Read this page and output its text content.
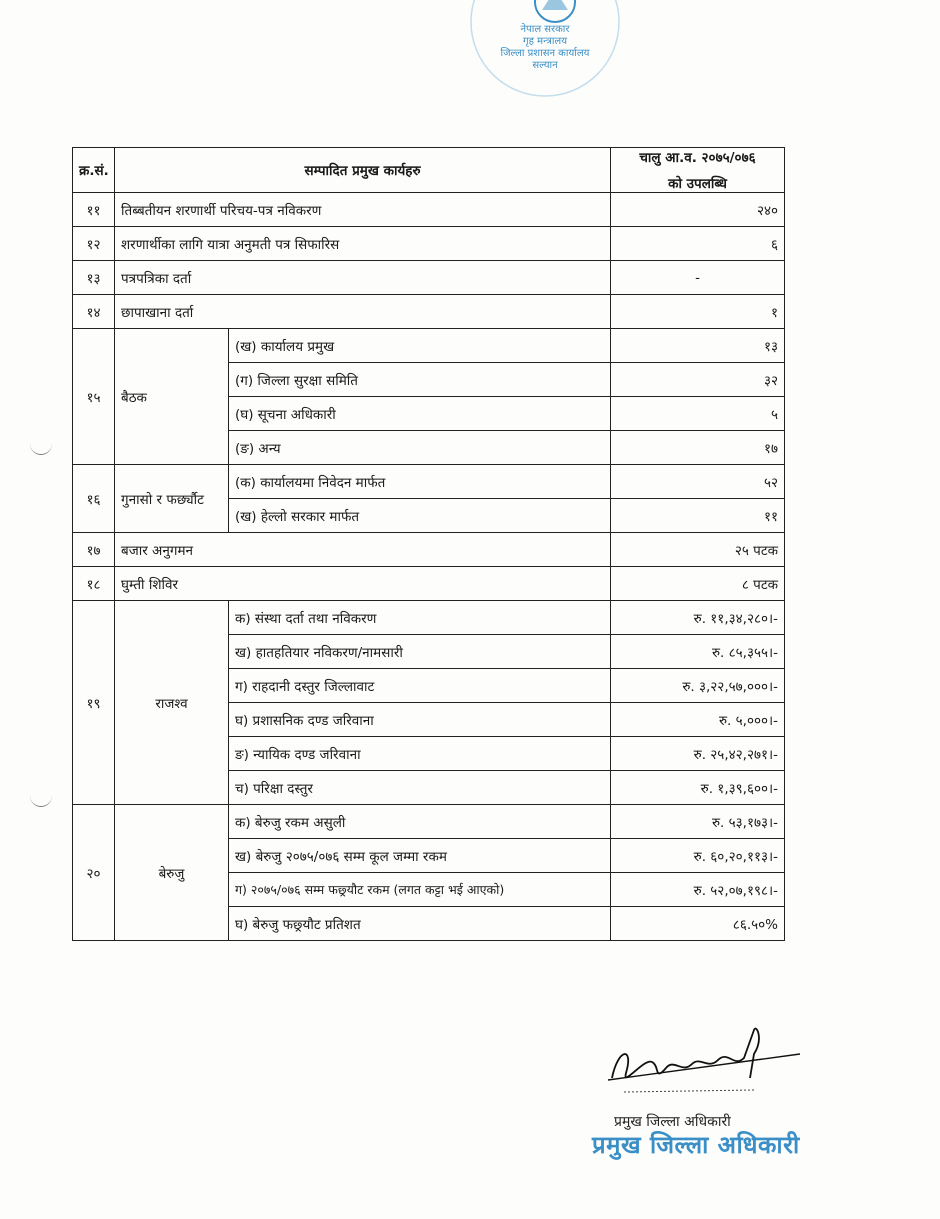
नेपाल सरकार
गृह मन्त्रालय
जिल्ला प्रशासन कार्यालय
सल्यान
क्र.सं.	सम्पादित प्रमुख कार्यहरु		चालु आ.व. २०७५/०७६
को उपलब्धि

११	तिब्बतीयन शरणार्थी परिचय-पत्र नविकरण		२४०
१२	शरणार्थीका लागि यात्रा अनुमती पत्र सिफारिस		६
१३	पत्रपत्रिका दर्ता		-
१४	छापाखाना दर्ता		१
१५	बैठक	(ख) कार्यालय प्रमुख	१३
		(ग) जिल्ला सुरक्षा समिति	३२
		(घ) सूचना अधिकारी	५
		(ङ) अन्य	१७
१६	गुनासो र फर्छ्यौट	(क) कार्यालयमा निवेदन मार्फत	५२
		(ख) हेल्लो सरकार मार्फत	११
१७	बजार अनुगमन		२५ पटक
१८	घुम्ती शिविर		८ पटक
१९	राजश्व	क) संस्था दर्ता तथा नविकरण	रु. ११,३४,२८०।-
		ख) हातहतियार नविकरण/नामसारी	रु. ८५,३५५।-
		ग) राहदानी दस्तुर जिल्लावाट	रु. ३,२२,५७,०००।-
		घ) प्रशासनिक दण्ड जरिवाना	रु. ५,०००।-
		ङ) न्यायिक दण्ड जरिवाना	रु. २५,४२,२७१।-
		च) परिक्षा दस्तुर	रु. १,३९,६००।-
२०	बेरुजु	क) बेरुजु रकम असुली	रु. ५३,१७३।-
		ख) बेरुजु २०७५/०७६ सम्म कूल जम्मा रकम	रु. ६०,२०,११३।-
		ग) २०७५/०७६ सम्म फछ्र्यौट रकम (लगत कट्टा भई आएको)	रु. ५२,०७,१९८।-
		घ) बेरुजु फछ्र्यौट प्रतिशत	८६.५०%
प्रमुख जिल्ला अधिकारी
प्रमुख जिल्ला अधिकारी
